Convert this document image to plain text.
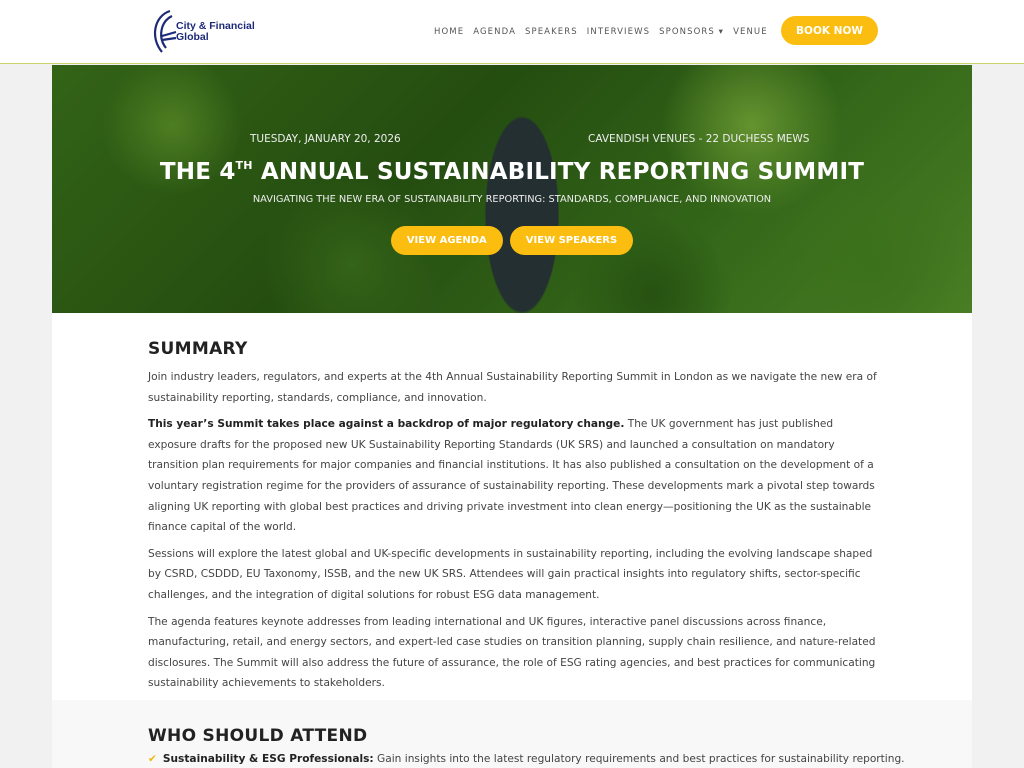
City & Financial
Global	HOME AGENDA SPEAKERS INTERVIEWS SPONSORS ▾ VENUE	BOOK NOW
TUESDAY, JANUARY 20, 2026	CAVENDISH VENUES - 22 DUCHESS MEWS
THE 4TH ANNUAL SUSTAINABILITY REPORTING SUMMIT
NAVIGATING THE NEW ERA OF SUSTAINABILITY REPORTING: STANDARDS, COMPLIANCE, AND INNOVATION
VIEW AGENDA	VIEW SPEAKERS
SUMMARY

Join industry leaders, regulators, and experts at the 4th Annual Sustainability Reporting Summit in London as we navigate the new era of sustainability reporting, standards, compliance, and innovation.

This year’s Summit takes place against a backdrop of major regulatory change. The UK government has just published exposure drafts for the proposed new UK Sustainability Reporting Standards (UK SRS) and launched a consultation on mandatory transition plan requirements for major companies and financial institutions. It has also published a consultation on the development of a voluntary registration regime for the providers of assurance of sustainability reporting. These developments mark a pivotal step towards aligning UK reporting with global best practices and driving private investment into clean energy—positioning the UK as the sustainable finance capital of the world.

Sessions will explore the latest global and UK-specific developments in sustainability reporting, including the evolving landscape shaped by CSRD, CSDDD, EU Taxonomy, ISSB, and the new UK SRS. Attendees will gain practical insights into regulatory shifts, sector-specific challenges, and the integration of digital solutions for robust ESG data management.

The agenda features keynote addresses from leading international and UK figures, interactive panel discussions across finance, manufacturing, retail, and energy sectors, and expert-led case studies on transition planning, supply chain resilience, and nature-related disclosures. The Summit will also address the future of assurance, the role of ESG rating agencies, and best practices for communicating sustainability achievements to stakeholders.

WHO SHOULD ATTEND
✔ Sustainability & ESG Professionals: Gain insights into the latest regulatory requirements and best practices for sustainability reporting.
